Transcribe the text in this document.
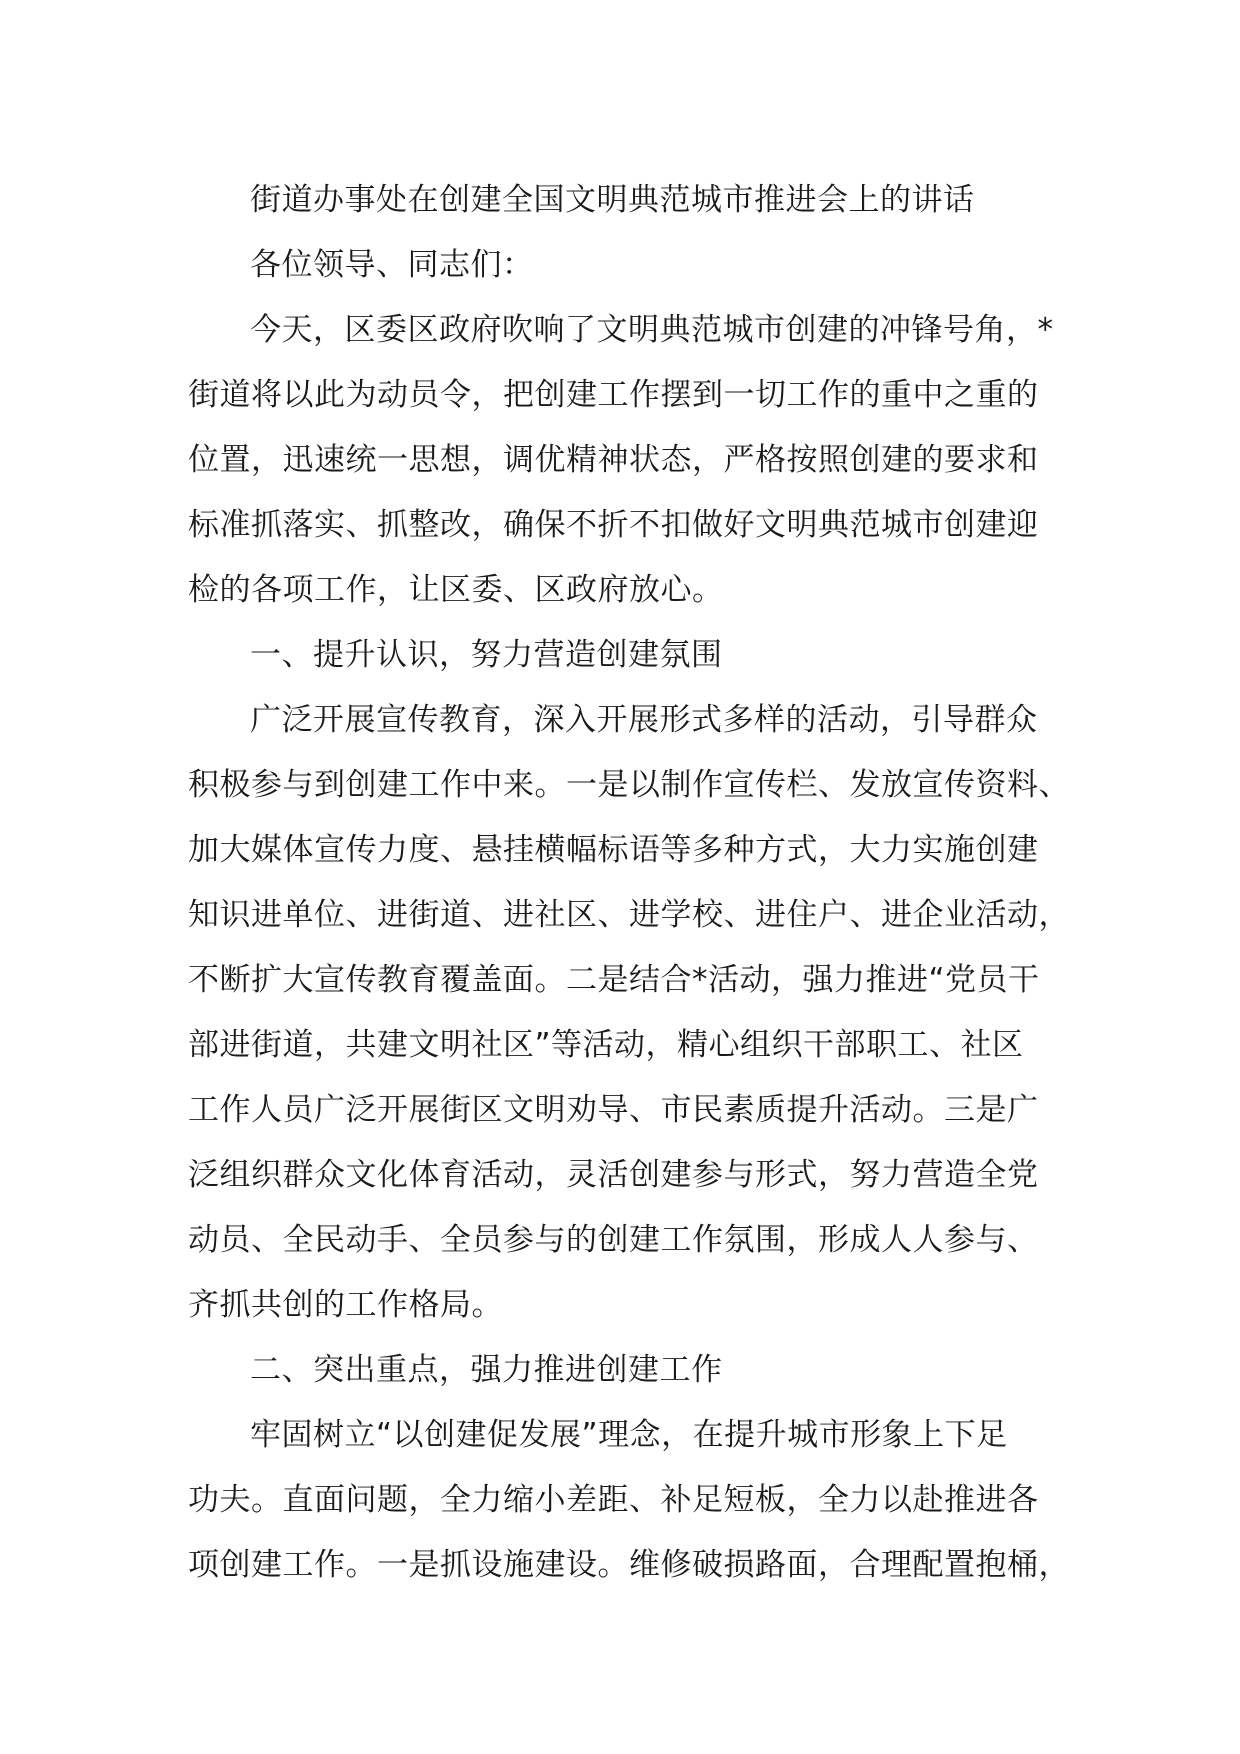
街道办事处在创建全国文明典范城市推进会上的讲话
各位领导、同志们：
今天，区委区政府吹响了文明典范城市创建的冲锋号角，*
街道将以此为动员令，把创建工作摆到一切工作的重中之重的
位置，迅速统一思想，调优精神状态，严格按照创建的要求和
标准抓落实、抓整改，确保不折不扣做好文明典范城市创建迎
检的各项工作，让区委、区政府放心。
一、提升认识，努力营造创建氛围
广泛开展宣传教育，深入开展形式多样的活动，引导群众
积极参与到创建工作中来。一是以制作宣传栏、发放宣传资料、
加大媒体宣传力度、悬挂横幅标语等多种方式，大力实施创建
知识进单位、进街道、进社区、进学校、进住户、进企业活动，
不断扩大宣传教育覆盖面。二是结合*活动，强力推进“党员干
部进街道，共建文明社区”等活动，精心组织干部职工、社区
工作人员广泛开展街区文明劝导、市民素质提升活动。三是广
泛组织群众文化体育活动，灵活创建参与形式，努力营造全党
动员、全民动手、全员参与的创建工作氛围，形成人人参与、
齐抓共创的工作格局。
二、突出重点，强力推进创建工作
牢固树立“以创建促发展”理念，在提升城市形象上下足
功夫。直面问题，全力缩小差距、补足短板，全力以赴推进各
项创建工作。一是抓设施建设。维修破损路面，合理配置抱桶，
